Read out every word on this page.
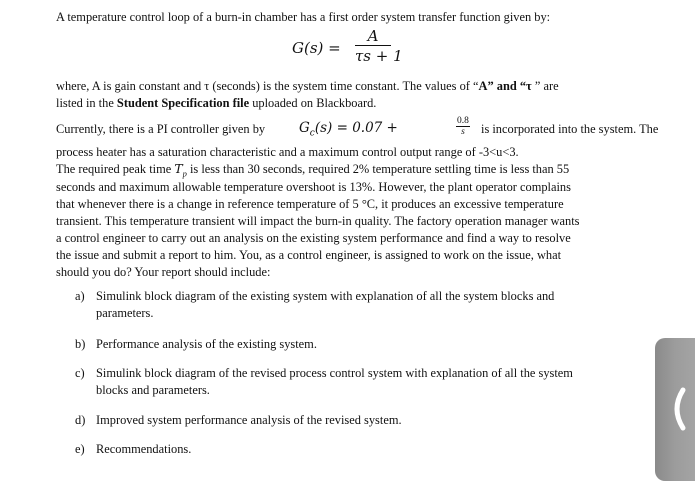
A temperature control loop of a burn-in chamber has a first order system transfer function given by:
G(s) =
A
τs + 1
where, A is gain constant and τ (seconds) is the system time constant. The values of “A” and “τ ” are
listed in the Student Specification file uploaded on Blackboard.
Currently, there is a PI controller given by	$G_c(s) = 0.07$ +	$\frac{0.8}{s}$ is incorporated into the system. The
process heater has a saturation characteristic and a maximum control output range of -3<u<3.
The required peak time $T_p$ is less than 30 seconds, required 2% temperature settling time is less than 55
seconds and maximum allowable temperature overshoot is 13%. However, the plant operator complains
that whenever there is a change in reference temperature of 5 °C, it produces an excessive temperature
transient. This temperature transient will impact the burn-in quality. The factory operation manager wants
a control engineer to carry out an analysis on the existing system performance and find a way to resolve
the issue and submit a report to him. You, as a control engineer, is assigned to work on the issue, what
should you do? Your report should include:
a) Simulink block diagram of the existing system with explanation of all the system blocks and
parameters.
b) Performance analysis of the existing system.
c) Simulink block diagram of the revised process control system with explanation of all the system
blocks and parameters.
d) Improved system performance analysis of the revised system.
e) Recommendations.
